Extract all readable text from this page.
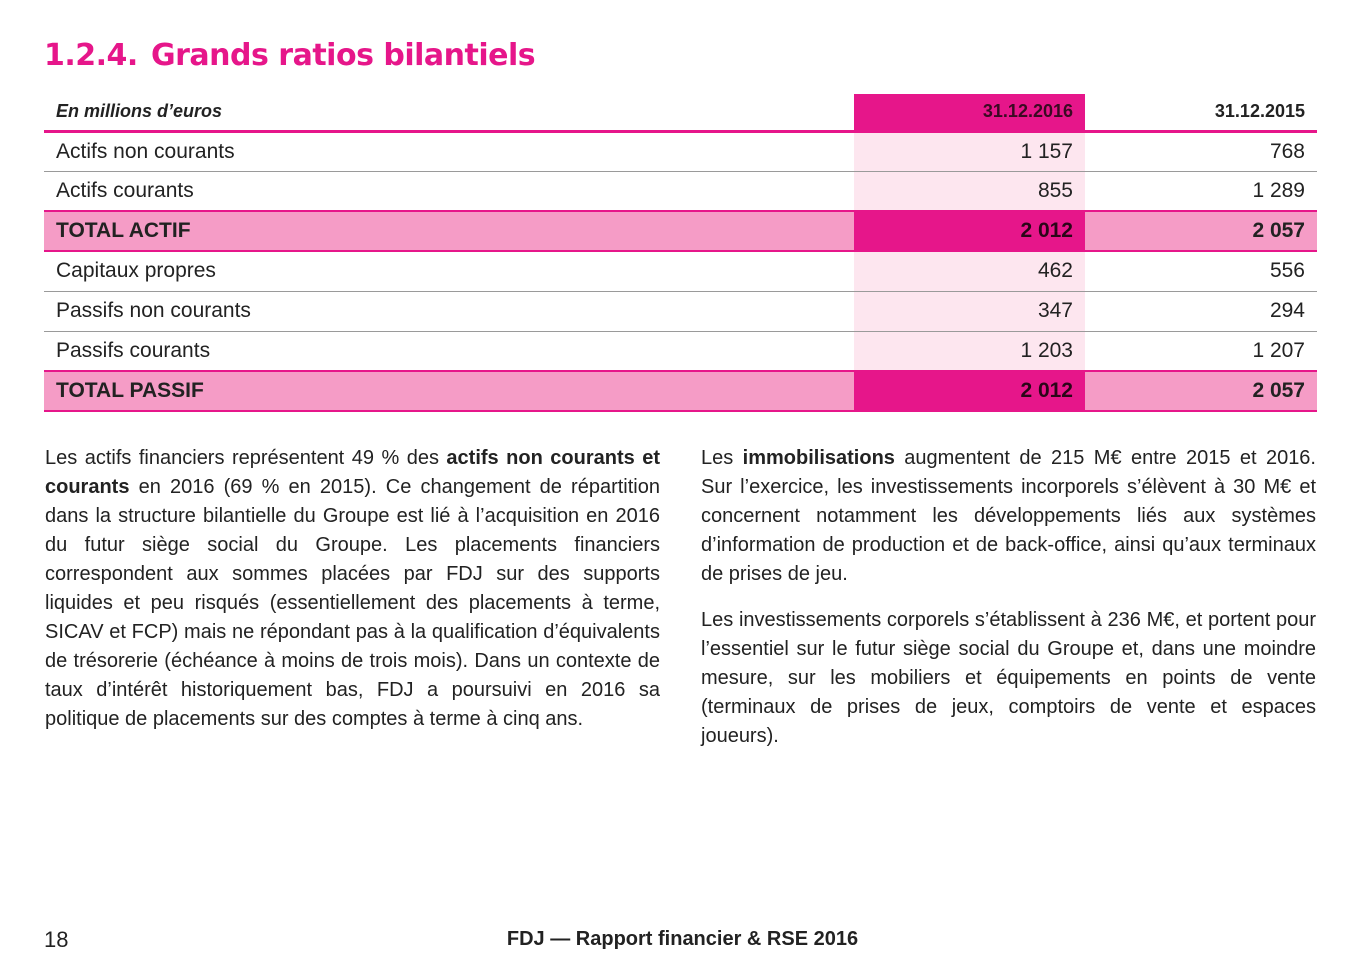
1.2.4. Grands ratios bilantiels
En millions d’euros	31.12.2016	31.12.2015
Actifs non courants	1 157	768
Actifs courants	855	1 289
TOTAL ACTIF	2 012	2 057
Capitaux propres	462	556
Passifs non courants	347	294
Passifs courants	1 203	1 207
TOTAL PASSIF	2 012	2 057

Les actifs financiers représentent 49 % des actifs non courants et courants en 2016 (69 % en 2015). Ce changement de répartition dans la structure bilantielle du Groupe est lié à l’acquisition en 2016 du futur siège social du Groupe. Les placements financiers correspondent aux sommes placées par FDJ sur des supports liquides et peu risqués (essentiellement des placements à terme, SICAV et FCP) mais ne répondant pas à la qualification d’équivalents de trésorerie (échéance à moins de trois mois). Dans un contexte de taux d’intérêt historiquement bas, FDJ a poursuivi en 2016 sa politique de placements sur des comptes à terme à cinq ans.

Les immobilisations augmentent de 215 M€ entre 2015 et 2016. Sur l’exercice, les investissements incorporels s’élèvent à 30 M€ et concernent notamment les développements liés aux systèmes d’information de production et de back-office, ainsi qu’aux terminaux de prises de jeu.

Les investissements corporels s’établissent à 236 M€, et portent pour l’essentiel sur le futur siège social du Groupe et, dans une moindre mesure, sur les mobiliers et équipements en points de vente (terminaux de prises de jeux, comptoirs de vente et espaces joueurs).

18	FDJ — Rapport financier & RSE 2016
